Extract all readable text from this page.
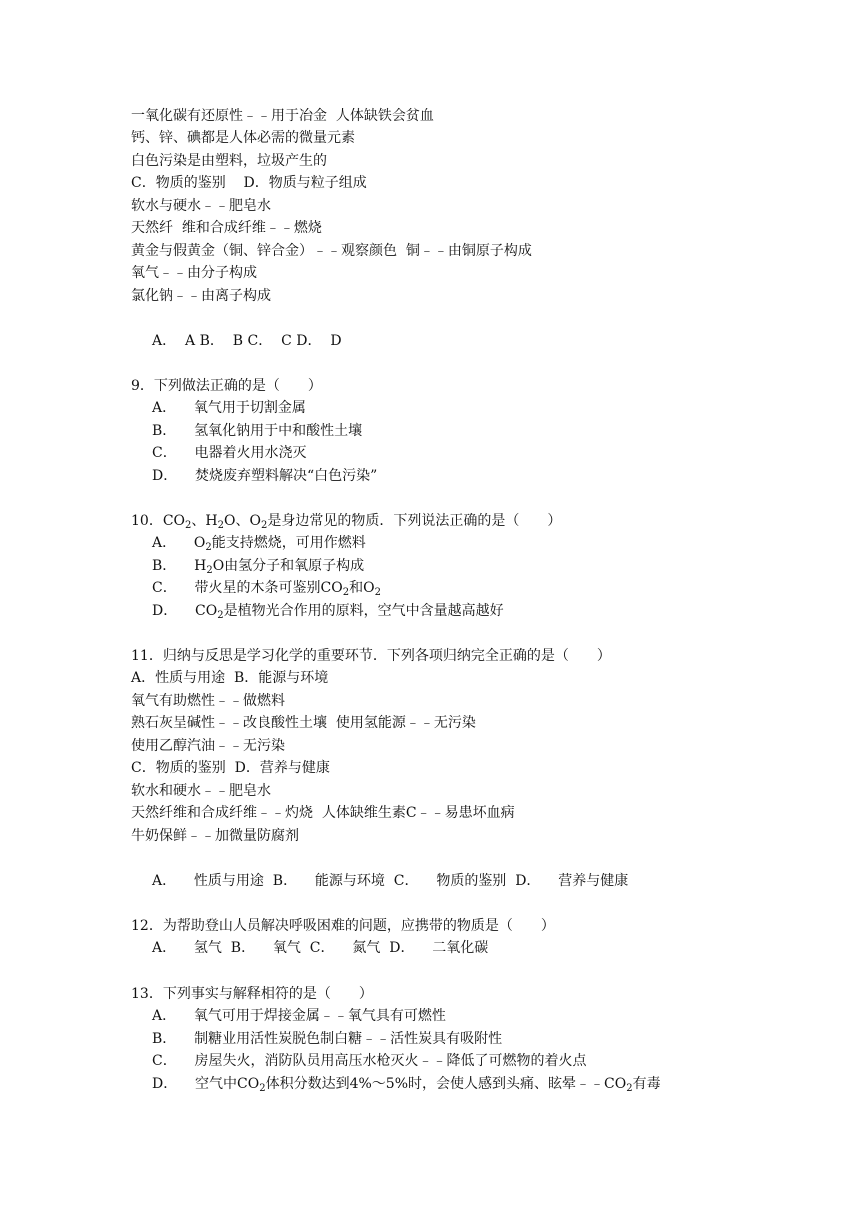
一氧化碳有还原性﹣﹣用于冶金  人体缺铁会贫血
钙、锌、碘都是人体必需的微量元素
白色污染是由塑料，垃圾产生的
C．物质的鉴别    D．物质与粒子组成
软水与硬水﹣﹣肥皂水
天然纤  维和合成纤维﹣﹣燃烧
黄金与假黄金（铜、锌合金）﹣﹣观察颜色  铜﹣﹣由铜原子构成
氧气﹣﹣由分子构成
氯化钠﹣﹣由离子构成
A．  A B．  B C．  C D．  D
9．下列做法正确的是（　　）
A．    氧气用于切割金属
B．    氢氧化钠用于中和酸性土壤
C．    电器着火用水浇灭
D．    焚烧废弃塑料解决“白色污染”
10．$CO_2$、$H_2O$、$O_2$是身边常见的物质．下列说法正确的是（　　）
A．    $O_2$能支持燃烧，可用作燃料
B．    $H_2O$由氢分子和氧原子构成
C．    带火星的木条可鉴别$CO_2$和$O_2$
D．    $CO_2$是植物光合作用的原料，空气中含量越高越好
11．归纳与反思是学习化学的重要环节．下列各项归纳完全正确的是（　　）
A．性质与用途  B．能源与环境
氧气有助燃性﹣﹣做燃料
熟石灰呈碱性﹣﹣改良酸性土壤  使用氢能源﹣﹣无污染
使用乙醇汽油﹣﹣无污染
C．物质的鉴别  D．营养与健康
软水和硬水﹣﹣肥皂水
天然纤维和合成纤维﹣﹣灼烧  人体缺维生素C﹣﹣易患坏血病
牛奶保鲜﹣﹣加微量防腐剂
A．    性质与用途  B．    能源与环境  C．    物质的鉴别  D．    营养与健康
12．为帮助登山人员解决呼吸困难的问题，应携带的物质是（　　）
A．    氢气  B．    氧气  C．    氮气  D．    二氧化碳
13．下列事实与解释相符的是（　　）
A．    氧气可用于焊接金属﹣﹣氧气具有可燃性
B．    制糖业用活性炭脱色制白糖﹣﹣活性炭具有吸附性
C．    房屋失火，消防队员用高压水枪灭火﹣﹣降低了可燃物的着火点
D．    空气中$CO_2$体积分数达到4%～5%时，会使人感到头痛、眩晕$﹣﹣CO_2$有毒
